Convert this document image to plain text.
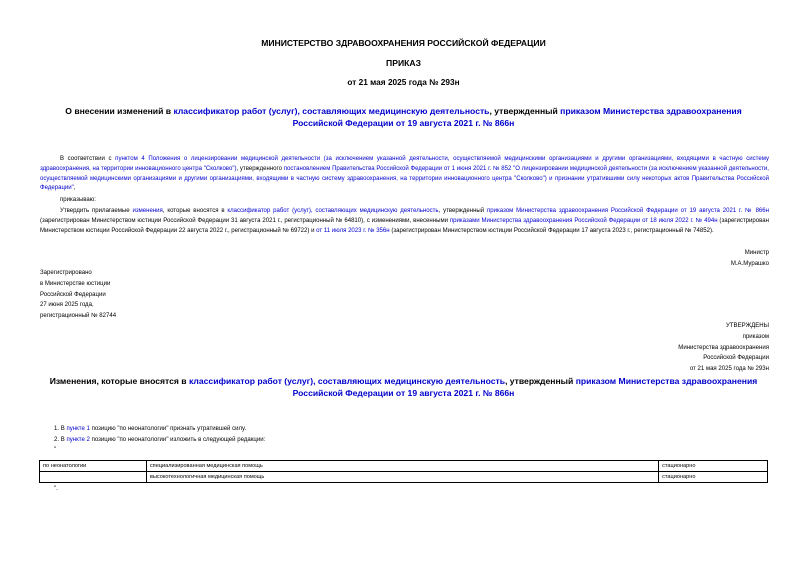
МИНИСТЕРСТВО ЗДРАВООХРАНЕНИЯ РОССИЙСКОЙ ФЕДЕРАЦИИ
ПРИКАЗ
от 21 мая 2025 года № 293н
О внесении изменений в классификатор работ (услуг), составляющих медицинскую деятельность, утвержденный приказом Министерства здравоохранения Российской Федерации от 19 августа 2021 г. № 866н
В соответствии с пунктом 4 Положения о лицензировании медицинской деятельности (за исключением указанной деятельности, осуществляемой медицинскими организациями и другими организациями, входящими в частную систему здравоохранения, на территории инновационного центра "Сколково"), утвержденного постановлением Правительства Российской Федерации от 1 июня 2021 г. № 852 "О лицензировании медицинской деятельности (за исключением указанной деятельности, осуществляемой медицинскими организациями и другими организациями, входящими в частную систему здравоохранения, на территории инновационного центра "Сколково") и признании утратившими силу некоторых актов Правительства Российской Федерации",
приказываю:
Утвердить прилагаемые изменения, которые вносятся в классификатор работ (услуг), составляющих медицинскую деятельность, утвержденный приказом Министерства здравоохранения Российской Федерации от 19 августа 2021 г. № 866н (зарегистрирован Министерством юстиции Российской Федерации 31 августа 2021 г., регистрационный № 64810), с изменениями, внесенными приказами Министерства здравоохранения Российской Федерации от 18 июля 2022 г. № 494н (зарегистрирован Министерством юстиции Российской Федерации 22 августа 2022 г., регистрационный № 69722) и от 11 июля 2023 г. № 356н (зарегистрирован Министерством юстиции Российской Федерации 17 августа 2023 г., регистрационный № 74852).
Министр
М.А.Мурашко
Зарегистрировано
в Министерстве юстиции
Российской Федерации
27 июня 2025 года,
регистрационный № 82744
УТВЕРЖДЕНЫ
приказом
Министерства здравоохранения
Российской Федерации
от 21 мая 2025 года № 293н
Изменения, которые вносятся в классификатор работ (услуг), составляющих медицинскую деятельность, утвержденный приказом Министерства здравоохранения Российской Федерации от 19 августа 2021 г. № 866н
1. В пункте 1 позицию "по неонатологии" признать утратившей силу.
2. В пункте 2 позицию "по неонатологии" изложить в следующей редакции:
"
по неонатологии	специализированная медицинская помощь	стационарно
	высокотехнологичная медицинская помощь	стационарно
".
